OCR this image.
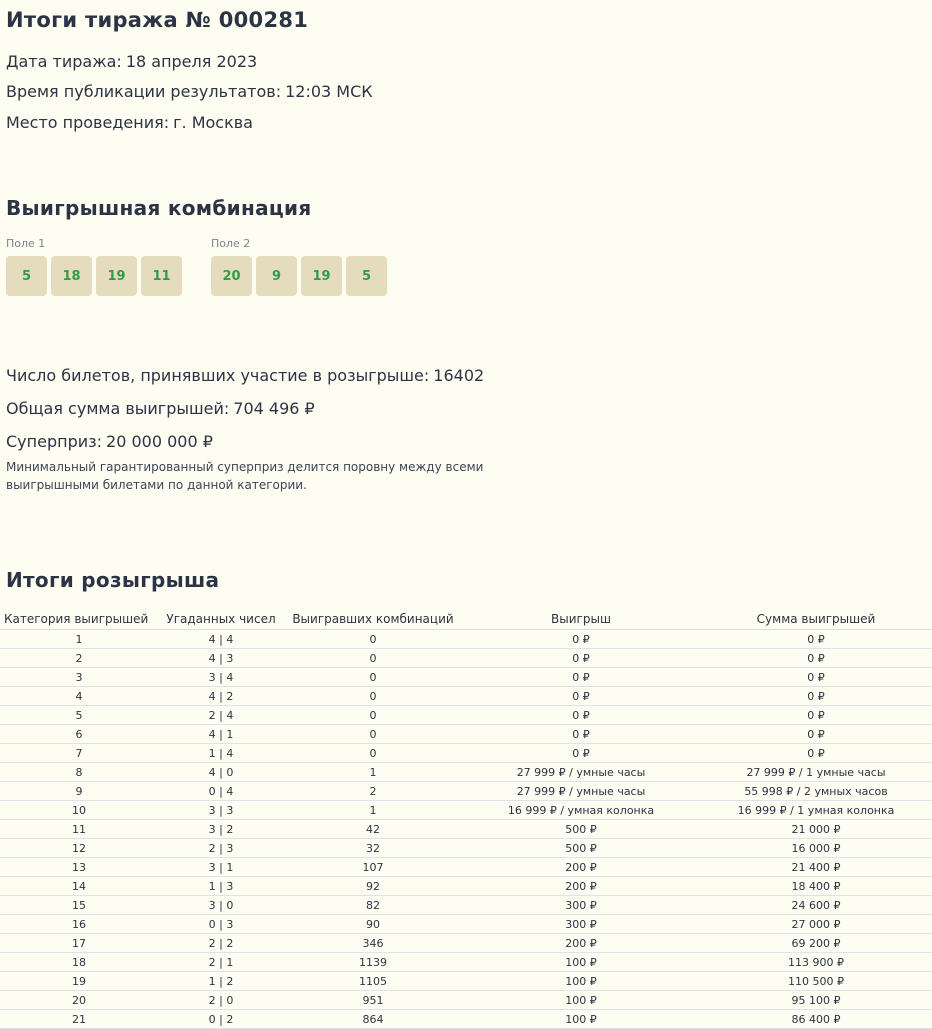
Итоги тиража № 000281
Дата тиража: 18 апреля 2023
Время публикации результатов: 12:03 МСК
Место проведения: г. Москва
Выигрышная комбинация
Поле 1
5	18	19	11
Поле 2
20	9	19	5
Число билетов, принявших участие в розыгрыше: 16402
Общая сумма выигрышей: 704 496 ₽
Суперприз: 20 000 000 ₽
Минимальный гарантированный суперприз делится поровну между всеми выигрышными билетами по данной категории.
Итоги розыгрыша
Категория выигрышей	Угаданных чисел	Выигравших комбинаций	Выигрыш	Сумма выигрышей
1	4 | 4	0	0 ₽	0 ₽
2	4 | 3	0	0 ₽	0 ₽
3	3 | 4	0	0 ₽	0 ₽
4	4 | 2	0	0 ₽	0 ₽
5	2 | 4	0	0 ₽	0 ₽
6	4 | 1	0	0 ₽	0 ₽
7	1 | 4	0	0 ₽	0 ₽
8	4 | 0	1	27 999 ₽ / умные часы	27 999 ₽ / 1 умные часы
9	0 | 4	2	27 999 ₽ / умные часы	55 998 ₽ / 2 умных часов
10	3 | 3	1	16 999 ₽ / умная колонка	16 999 ₽ / 1 умная колонка
11	3 | 2	42	500 ₽	21 000 ₽
12	2 | 3	32	500 ₽	16 000 ₽
13	3 | 1	107	200 ₽	21 400 ₽
14	1 | 3	92	200 ₽	18 400 ₽
15	3 | 0	82	300 ₽	24 600 ₽
16	0 | 3	90	300 ₽	27 000 ₽
17	2 | 2	346	200 ₽	69 200 ₽
18	2 | 1	1139	100 ₽	113 900 ₽
19	1 | 2	1105	100 ₽	110 500 ₽
20	2 | 0	951	100 ₽	95 100 ₽
21	0 | 2	864	100 ₽	86 400 ₽
